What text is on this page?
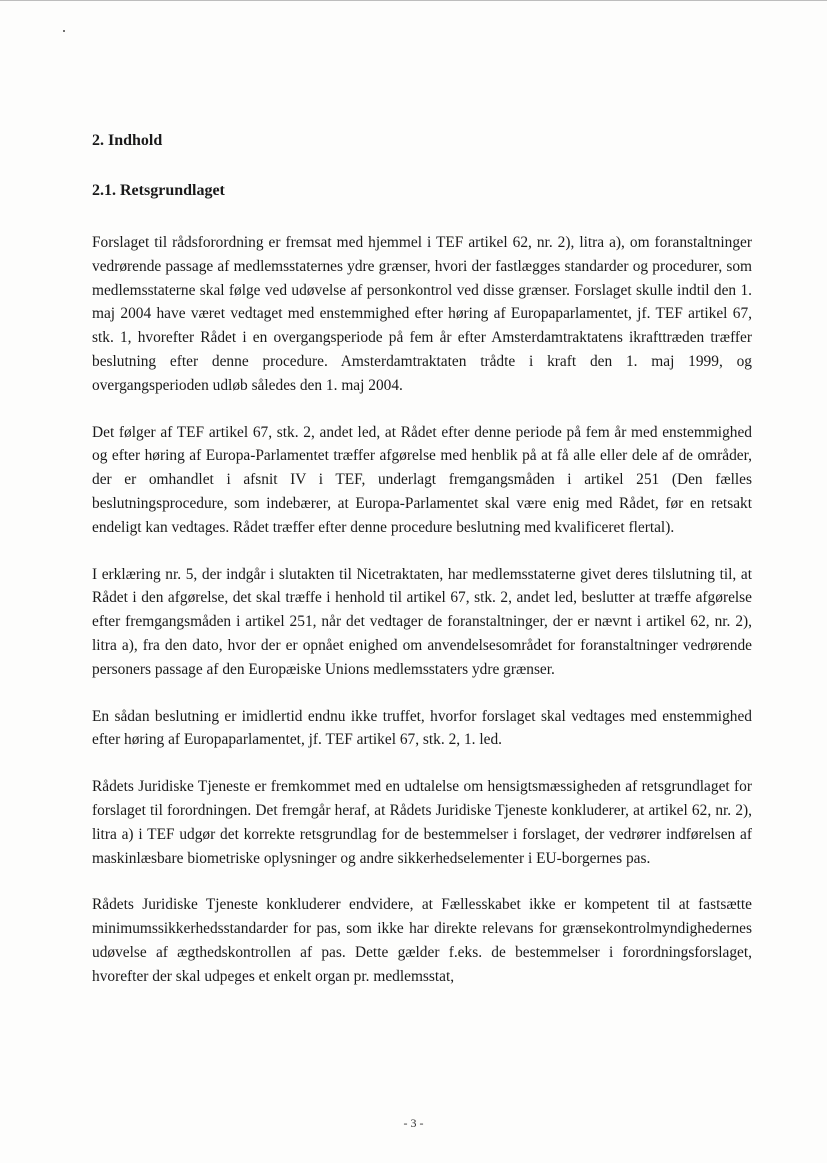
2. Indhold
2.1. Retsgrundlaget

Forslaget til rådsforordning er fremsat med hjemmel i TEF artikel 62, nr. 2), litra a), om foranstaltninger vedrørende passage af medlemsstaternes ydre grænser, hvori der fastlægges standarder og procedurer, som medlemsstaterne skal følge ved udøvelse af personkontrol ved disse grænser. Forslaget skulle indtil den 1. maj 2004 have været vedtaget med enstemmighed efter høring af Europaparlamentet, jf. TEF artikel 67, stk. 1, hvorefter Rådet i en overgangsperiode på fem år efter Amsterdamtraktatens ikrafttræden træffer beslutning efter denne procedure. Amsterdamtraktaten trådte i kraft den 1. maj 1999, og overgangsperioden udløb således den 1. maj 2004.

Det følger af TEF artikel 67, stk. 2, andet led, at Rådet efter denne periode på fem år med enstemmighed og efter høring af Europa-Parlamentet træffer afgørelse med henblik på at få alle eller dele af de områder, der er omhandlet i afsnit IV i TEF, underlagt fremgangsmåden i artikel 251 (Den fælles beslutningsprocedure, som indebærer, at Europa-Parlamentet skal være enig med Rådet, før en retsakt endeligt kan vedtages. Rådet træffer efter denne procedure beslutning med kvalificeret flertal).

I erklæring nr. 5, der indgår i slutakten til Nicetraktaten, har medlemsstaterne givet deres tilslutning til, at Rådet i den afgørelse, det skal træffe i henhold til artikel 67, stk. 2, andet led, beslutter at træffe afgørelse efter fremgangsmåden i artikel 251, når det vedtager de foranstaltninger, der er nævnt i artikel 62, nr. 2), litra a), fra den dato, hvor der er opnået enighed om anvendelsesområdet for foranstaltninger vedrørende personers passage af den Europæiske Unions medlemsstaters ydre grænser.

En sådan beslutning er imidlertid endnu ikke truffet, hvorfor forslaget skal vedtages med enstemmighed efter høring af Europaparlamentet, jf. TEF artikel 67, stk. 2, 1. led.

Rådets Juridiske Tjeneste er fremkommet med en udtalelse om hensigtsmæssigheden af retsgrundlaget for forslaget til forordningen. Det fremgår heraf, at Rådets Juridiske Tjeneste konkluderer, at artikel 62, nr. 2), litra a) i TEF udgør det korrekte retsgrundlag for de bestemmelser i forslaget, der vedrører indførelsen af maskinlæsbare biometriske oplysninger og andre sikkerhedselementer i EU-borgernes pas.

Rådets Juridiske Tjeneste konkluderer endvidere, at Fællesskabet ikke er kompetent til at fastsætte minimumssikkerhedsstandarder for pas, som ikke har direkte relevans for grænsekontrolmyndighedernes udøvelse af ægthedskontrollen af pas. Dette gælder f.eks. de bestemmelser i forordningsforslaget, hvorefter der skal udpeges et enkelt organ pr. medlemsstat,

- 3 -
